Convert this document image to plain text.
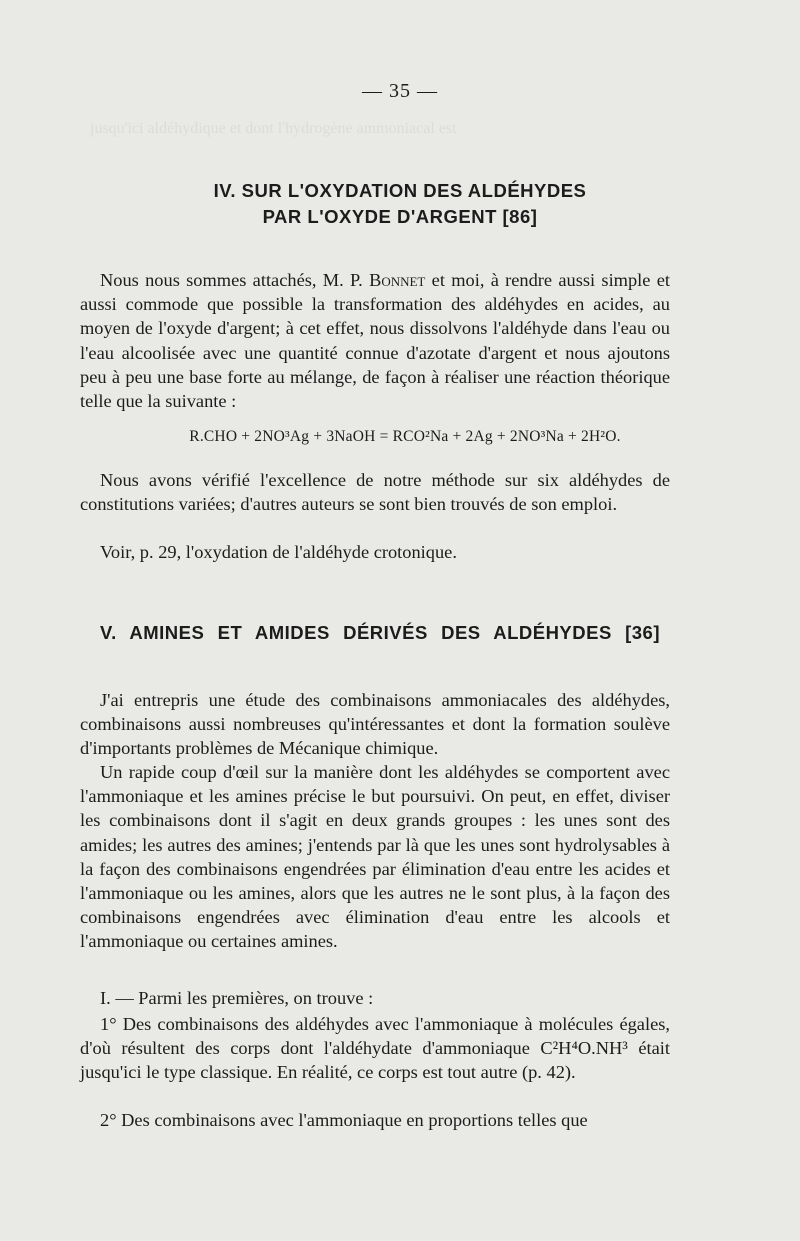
jusqu'ici aldéhydique et dont l'hydrogène ammoniacal est
— 35 —
IV. SUR L'OXYDATION DES ALDÉHYDES
PAR L'OXYDE D'ARGENT [86]

Nous nous sommes attachés, M. P. Bonnet et moi, à rendre aussi simple et aussi commode que possible la transformation des aldéhydes en acides, au moyen de l'oxyde d'argent; à cet effet, nous dissolvons l'aldéhyde dans l'eau ou l'eau alcoolisée avec une quantité connue d'azotate d'argent et nous ajoutons peu à peu une base forte au mélange, de façon à réaliser une réaction théorique telle que la suivante :

R.CHO + 2NO³Ag + 3NaOH = RCO²Na + 2Ag + 2NO³Na + 2H²O.

Nous avons vérifié l'excellence de notre méthode sur six aldéhydes de constitutions variées; d'autres auteurs se sont bien trouvés de son emploi.

Voir, p. 29, l'oxydation de l'aldéhyde crotonique.

V. AMINES ET AMIDES DÉRIVÉS DES ALDÉHYDES [36]

J'ai entrepris une étude des combinaisons ammoniacales des aldéhydes, combinaisons aussi nombreuses qu'intéressantes et dont la formation soulève d'importants problèmes de Mécanique chimique.

Un rapide coup d'œil sur la manière dont les aldéhydes se comportent avec l'ammoniaque et les amines précise le but poursuivi. On peut, en effet, diviser les combinaisons dont il s'agit en deux grands groupes : les unes sont des amides; les autres des amines; j'entends par là que les unes sont hydrolysables à la façon des combinaisons engendrées par élimination d'eau entre les acides et l'ammoniaque ou les amines, alors que les autres ne le sont plus, à la façon des combinaisons engendrées avec élimination d'eau entre les alcools et l'ammoniaque ou certaines amines.

I. — Parmi les premières, on trouve :

1° Des combinaisons des aldéhydes avec l'ammoniaque à molécules égales, d'où résultent des corps dont l'aldéhydate d'ammoniaque C²H⁴O.NH³ était jusqu'ici le type classique. En réalité, ce corps est tout autre (p. 42).

2° Des combinaisons avec l'ammoniaque en proportions telles que
